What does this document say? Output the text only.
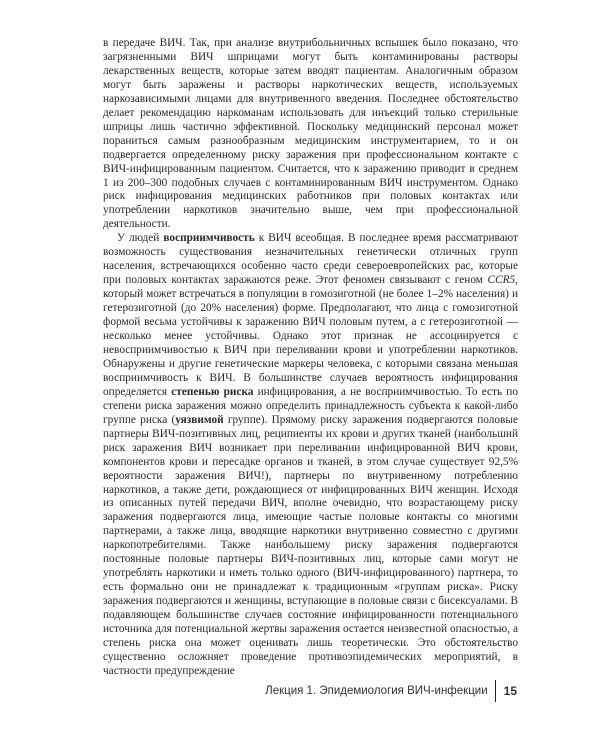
в передаче ВИЧ. Так, при анализе внутрибольничных вспышек было показано, что загрязненными ВИЧ шприцами могут быть контаминированы растворы лекарственных веществ, которые затем вводят пациентам. Аналогичным образом могут быть заражены и растворы наркотических веществ, используемых наркозависимыми лицами для внутривенного введения. Последнее обстоятельство делает рекомендацию наркоманам использовать для инъекций только стерильные шприцы лишь частично эффективной. Поскольку медицинский персонал может пораниться самым разнообразным медицинским инструментарием, то и он подвергается определенному риску заражения при профессиональном контакте с ВИЧ-инфицированным пациентом. Считается, что к заражению приводит в среднем 1 из 200–300 подобных случаев с контаминированным ВИЧ инструментом. Однако риск инфицирования медицинских работников при половых контактах или употреблении наркотиков значительно выше, чем при профессиональной деятельности.

У людей восприимчивость к ВИЧ всеобщая. В последнее время рассматривают возможность существования незначительных генетически отличных групп населения, встречающихся особенно часто среди североевропейских рас, которые при половых контактах заражаются реже. Этот феномен связывают с геном CCR5, который может встречаться в популяции в гомозиготной (не более 1–2% населения) и гетерозиготной (до 20% населения) форме. Предполагают, что лица с гомозиготной формой весьма устойчивы к заражению ВИЧ половым путем, а с гетерозиготной — несколько менее устойчивы. Однако этот признак не ассоциируется с невосприимчивостью к ВИЧ при переливании крови и употреблении наркотиков. Обнаружены и другие генетические маркеры человека, с которыми связана меньшая восприимчивость к ВИЧ. В большинстве случаев вероятность инфицирования определяется степенью риска инфицирования, а не восприимчивостью. То есть по степени риска заражения можно определить принадлежность субъекта к какой-либо группе риска (уязвимой группе). Прямому риску заражения подвергаются половые партнеры ВИЧ-позитивных лиц, реципиенты их крови и других тканей (наибольший риск заражения ВИЧ возникает при переливании инфицированной ВИЧ крови, компонентов крови и пересадке органов и тканей, в этом случае существует 92,5% вероятности заражения ВИЧ!), партнеры по внутривенному потреблению наркотиков, а также дети, рождающиеся от инфицированных ВИЧ женщин. Исходя из описанных путей передачи ВИЧ, вполне очевидно, что возрастающему риску заражения подвергаются лица, имеющие частые половые контакты со многими партнерами, а также лица, вводящие наркотики внутривенно совместно с другими наркопотребителями. Также наибольшему риску заражения подвергаются постоянные половые партнеры ВИЧ-позитивных лиц, которые сами могут не употреблять наркотики и иметь только одного (ВИЧ-инфицированного) партнера, то есть формально они не принадлежат к традиционным «группам риска». Риску заражения подвергаются и женщины, вступающие в половые связи с бисексуалами. В подавляющем большинстве случаев состояние инфицированности потенциального источника для потенциальной жертвы заражения остается неизвестной опасностью, а степень риска она может оценивать лишь теоретически. Это обстоятельство существенно осложняет проведение противоэпидемических мероприятий, в частности предупреждение

Лекция 1. Эпидемиология ВИЧ-инфекции 15
